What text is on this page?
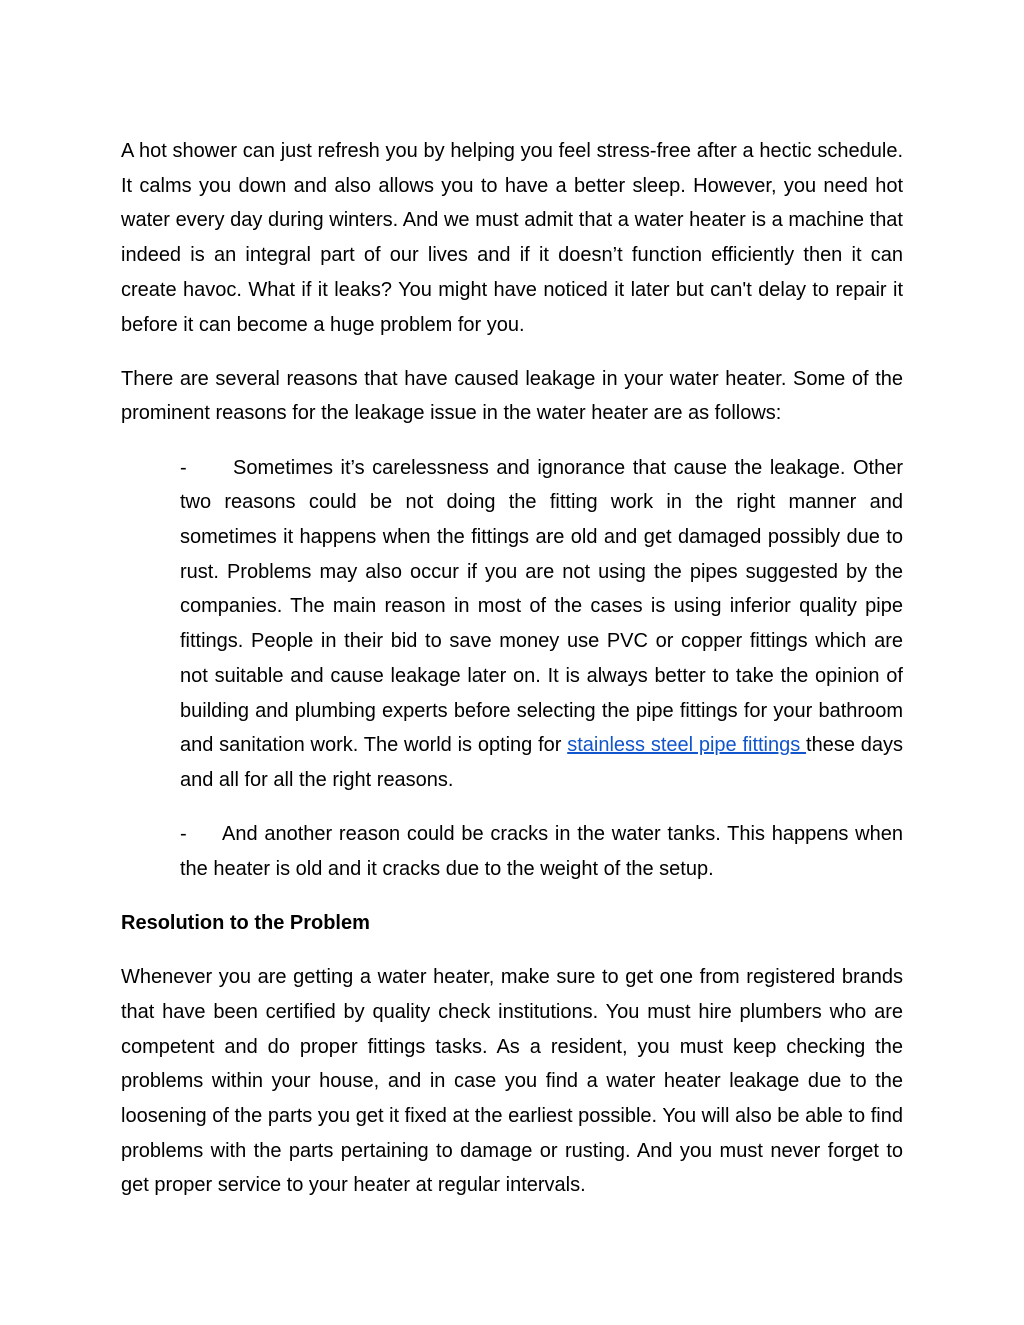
A hot shower can just refresh you by helping you feel stress-free after a hectic schedule. It calms you down and also allows you to have a better sleep. However, you need hot water every day during winters. And we must admit that a water heater is a machine that indeed is an integral part of our lives and if it doesn’t function efficiently then it can create havoc. What if it leaks? You might have noticed it later but can't delay to repair it before it can become a huge problem for you.

There are several reasons that have caused leakage in your water heater. Some of the prominent reasons for the leakage issue in the water heater are as follows:

- Sometimes it’s carelessness and ignorance that cause the leakage. Other two reasons could be not doing the fitting work in the right manner and sometimes it happens when the fittings are old and get damaged possibly due to rust. Problems may also occur if you are not using the pipes suggested by the companies. The main reason in most of the cases is using inferior quality pipe fittings. People in their bid to save money use PVC or copper fittings which are not suitable and cause leakage later on. It is always better to take the opinion of building and plumbing experts before selecting the pipe fittings for your bathroom and sanitation work. The world is opting for stainless steel pipe fittings these days and all for all the right reasons.
- And another reason could be cracks in the water tanks. This happens when the heater is old and it cracks due to the weight of the setup.

Resolution to the Problem

Whenever you are getting a water heater, make sure to get one from registered brands that have been certified by quality check institutions. You must hire plumbers who are competent and do proper fittings tasks. As a resident, you must keep checking the problems within your house, and in case you find a water heater leakage due to the loosening of the parts you get it fixed at the earliest possible. You will also be able to find problems with the parts pertaining to damage or rusting. And you must never forget to get proper service to your heater at regular intervals.
